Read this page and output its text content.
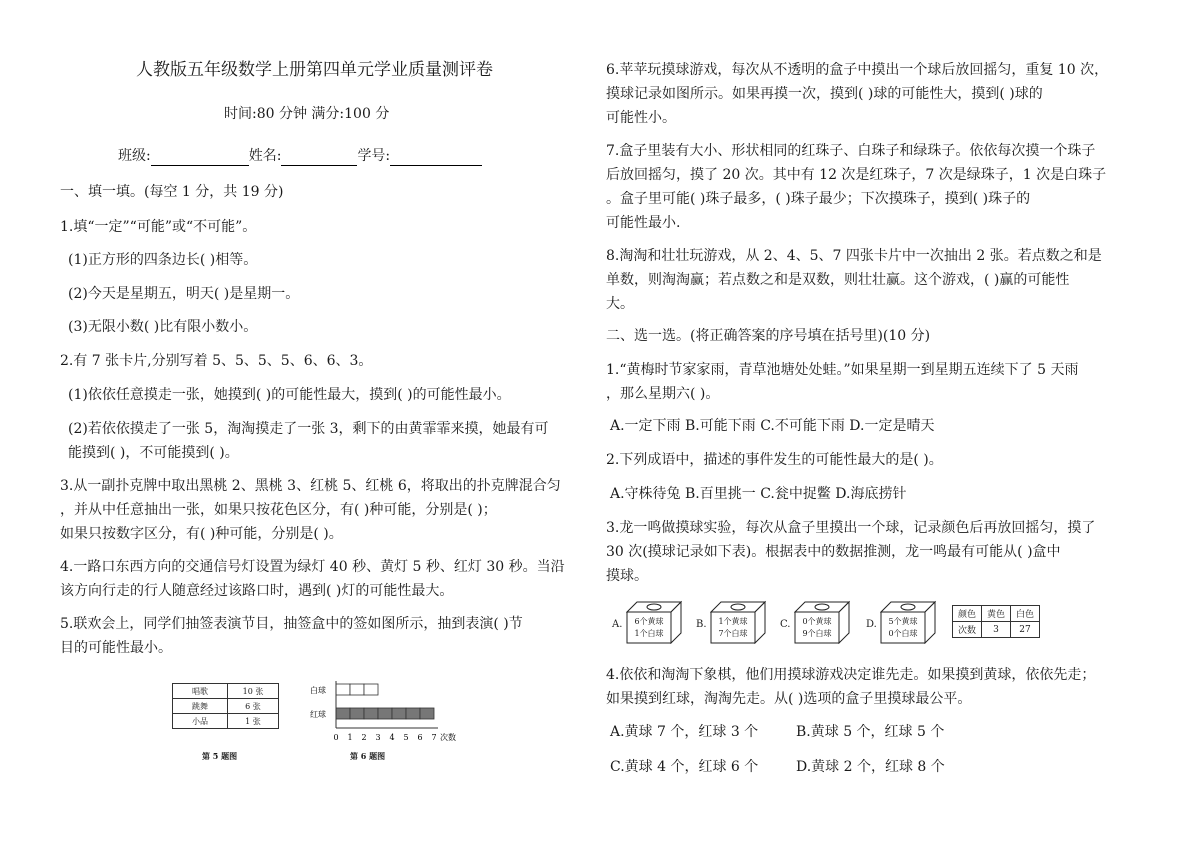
人教版五年级数学上册第四单元学业质量测评卷
时间:80 分钟 满分:100 分
班级:	姓名:	学号:
一、填一填。(每空 1 分，共 19 分)
1.填“一定”“可能”或“不可能”。
(1)正方形的四条边长( )相等。
(2)今天是星期五，明天( )是星期一。
(3)无限小数( )比有限小数小。
2.有 7 张卡片,分别写着 5、5、5、5、6、6、3。
(1)依依任意摸走一张，她摸到( )的可能性最大，摸到( )的可能性最小。
(2)若依依摸走了一张 5，淘淘摸走了一张 3，剩下的由黄霏霏来摸，她最有可
能摸到( )，不可能摸到( )。
3.从一副扑克牌中取出黑桃 2、黑桃 3、红桃 5、红桃 6，将取出的扑克牌混合匀
，并从中任意抽出一张，如果只按花色区分，有( )种可能，分别是( )；
如果只按数字区分，有( )种可能，分别是( )。
4.一路口东西方向的交通信号灯设置为绿灯 40 秒、黄灯 5 秒、红灯 30 秒。当沿
该方向行走的行人随意经过该路口时，遇到( )灯的可能性最大。
5.联欢会上，同学们抽签表演节目，抽签盒中的签如图所示，抽到表演( )节
目的可能性最小。
唱歌	10 张
跳舞	6 张
小品	1 张
第 5 题图
白球
红球
0 1 2 3 4 5 6 7 次数
第 6 题图
6.苹苹玩摸球游戏，每次从不透明的盒子中摸出一个球后放回摇匀，重复 10 次，
摸球记录如图所示。如果再摸一次，摸到( )球的可能性大，摸到( )球的
可能性小。
7.盒子里装有大小、形状相同的红珠子、白珠子和绿珠子。依依每次摸一个珠子
后放回摇匀，摸了 20 次。其中有 12 次是红珠子，7 次是绿珠子，1 次是白珠子
。盒子里可能( )珠子最多，( )珠子最少；下次摸珠子，摸到( )珠子的
可能性最小.
8.淘淘和壮壮玩游戏，从 2、4、5、7 四张卡片中一次抽出 2 张。若点数之和是
单数，则淘淘赢；若点数之和是双数，则壮壮赢。这个游戏，( )赢的可能性
大。
二、选一选。(将正确答案的序号填在括号里)(10 分)
1.“黄梅时节家家雨，青草池塘处处蛙。”如果星期一到星期五连续下了 5 天雨
，那么星期六( )。
A.一定下雨 B.可能下雨 C.不可能下雨 D.一定是晴天
2.下列成语中，描述的事件发生的可能性最大的是( )。
A.守株待兔 B.百里挑一 C.瓮中捉鳖 D.海底捞针
3.龙一鸣做摸球实验，每次从盒子里摸出一个球，记录颜色后再放回摇匀，摸了
30 次(摸球记录如下表)。根据表中的数据推测，龙一鸣最有可能从( )盒中
摸球。
A.	6个黄球
1个白球
B.	1个黄球
7个白球
C.	0个黄球
9个白球
D.	5个黄球
0个白球
颜色	黄色	白色
次数	3	27
4.依依和淘淘下象棋，他们用摸球游戏决定谁先走。如果摸到黄球，依依先走；
如果摸到红球，淘淘先走。从( )选项的盒子里摸球最公平。
A.黄球 7 个，红球 3 个	B.黄球 5 个，红球 5 个
C.黄球 4 个，红球 6 个	D.黄球 2 个，红球 8 个
